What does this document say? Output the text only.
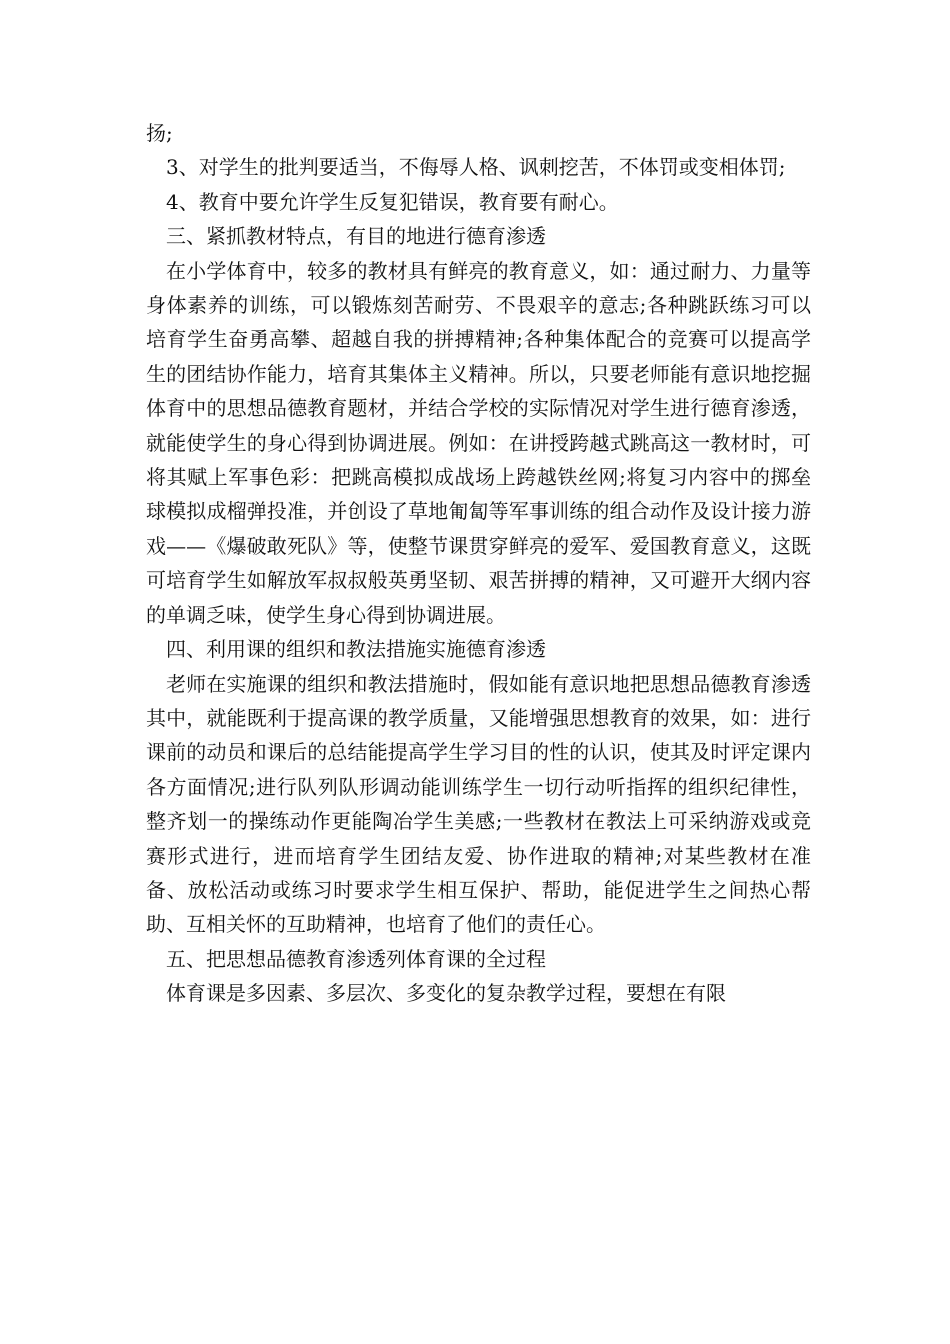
扬;

3、对学生的批判要适当，不侮辱人格、讽刺挖苦，不体罚或变相体罚;

4、教育中要允许学生反复犯错误，教育要有耐心。

三、紧抓教材特点，有目的地进行德育渗透

在小学体育中，较多的教材具有鲜亮的教育意义，如：通过耐力、力量等身体素养的训练，可以锻炼刻苦耐劳、不畏艰辛的意志;各种跳跃练习可以培育学生奋勇高攀、超越自我的拼搏精神;各种集体配合的竞赛可以提高学生的团结协作能力，培育其集体主义精神。所以，只要老师能有意识地挖掘体育中的思想品德教育题材，并结合学校的实际情况对学生进行德育渗透，就能使学生的身心得到协调进展。例如：在讲授跨越式跳高这一教材时，可将其赋上军事色彩：把跳高模拟成战场上跨越铁丝网;将复习内容中的掷垒球模拟成榴弹投准，并创设了草地匍匐等军事训练的组合动作及设计接力游戏——《爆破敢死队》等，使整节课贯穿鲜亮的爱军、爱国教育意义，这既可培育学生如解放军叔叔般英勇坚韧、艰苦拼搏的精神，又可避开大纲内容的单调乏味，使学生身心得到协调进展。

四、利用课的组织和教法措施实施德育渗透

老师在实施课的组织和教法措施时，假如能有意识地把思想品德教育渗透其中，就能既利于提高课的教学质量，又能增强思想教育的效果，如：进行课前的动员和课后的总结能提高学生学习目的性的认识，使其及时评定课内各方面情况;进行队列队形调动能训练学生一切行动听指挥的组织纪律性，整齐划一的操练动作更能陶冶学生美感;一些教材在教法上可采纳游戏或竞赛形式进行，进而培育学生团结友爱、协作进取的精神;对某些教材在准备、放松活动或练习时要求学生相互保护、帮助，能促进学生之间热心帮助、互相关怀的互助精神，也培育了他们的责任心。

五、把思想品德教育渗透列体育课的全过程

体育课是多因素、多层次、多变化的复杂教学过程，要想在有限
